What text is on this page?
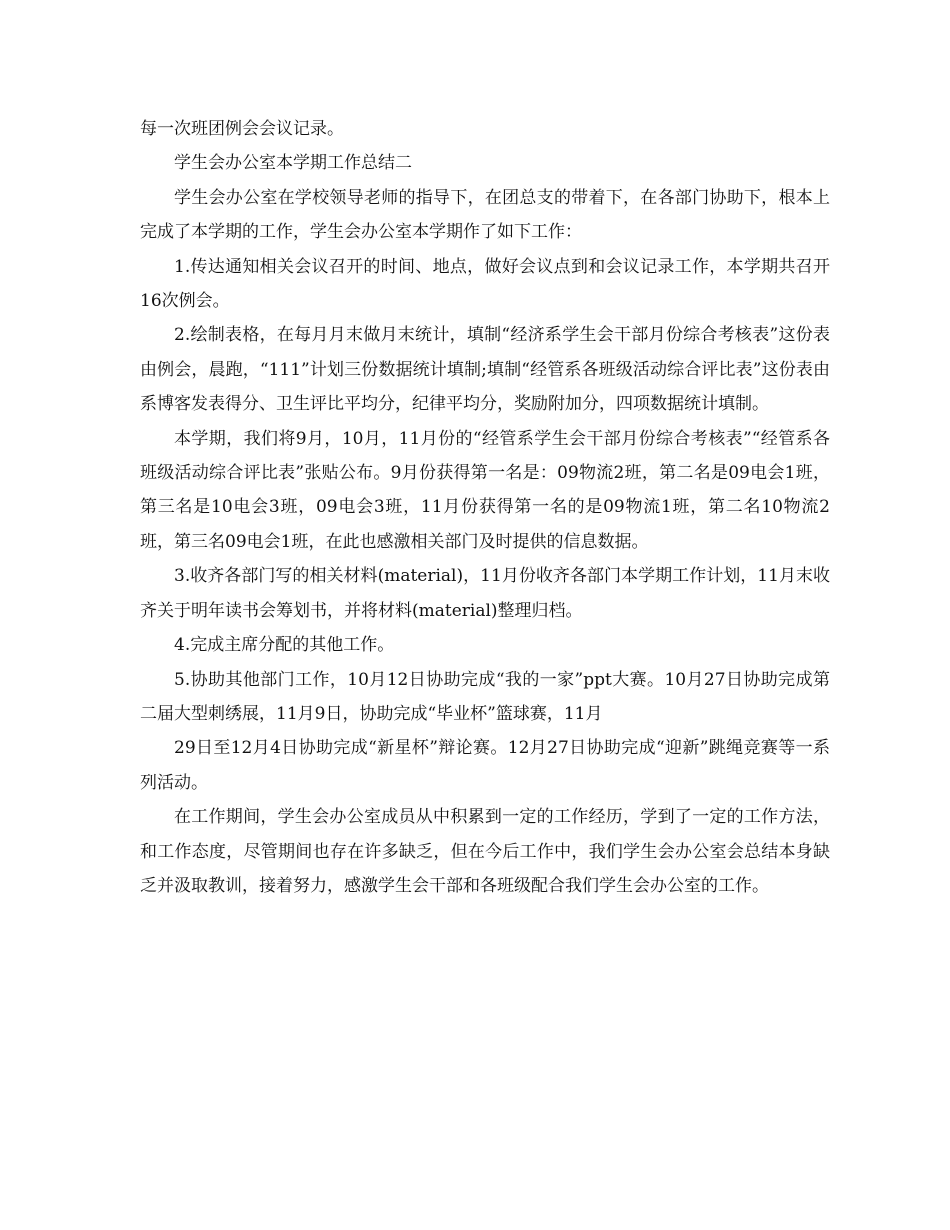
每一次班团例会会议记录。

学生会办公室本学期工作总结二

学生会办公室在学校领导老师的指导下，在团总支的带着下，在各部门协助下，根本上完成了本学期的工作，学生会办公室本学期作了如下工作：

1.传达通知相关会议召开的时间、地点，做好会议点到和会议记录工作，本学期共召开16次例会。

2.绘制表格，在每月月末做月末统计，填制“经济系学生会干部月份综合考核表”这份表由例会，晨跑，“111”计划三份数据统计填制;填制“经管系各班级活动综合评比表”这份表由系博客发表得分、卫生评比平均分，纪律平均分，奖励附加分，四项数据统计填制。

本学期，我们将9月，10月，11月份的“经管系学生会干部月份综合考核表”“经管系各班级活动综合评比表”张贴公布。9月份获得第一名是：09物流2班，第二名是09电会1班，第三名是10电会3班，09电会3班，11月份获得第一名的是09物流1班，第二名10物流2班，第三名09电会1班，在此也感激相关部门及时提供的信息数据。

3.收齐各部门写的相关材料(material)，11月份收齐各部门本学期工作计划，11月末收齐关于明年读书会筹划书，并将材料(material)整理归档。

4.完成主席分配的其他工作。

5.协助其他部门工作，10月12日协助完成“我的一家”ppt大赛。10月27日协助完成第二届大型刺绣展，11月9日，协助完成“毕业杯”篮球赛，11月

29日至12月4日协助完成“新星杯”辩论赛。12月27日协助完成“迎新”跳绳竞赛等一系列活动。

在工作期间，学生会办公室成员从中积累到一定的工作经历，学到了一定的工作方法，和工作态度，尽管期间也存在许多缺乏，但在今后工作中，我们学生会办公室会总结本身缺乏并汲取教训，接着努力，感激学生会干部和各班级配合我们学生会办公室的工作。
